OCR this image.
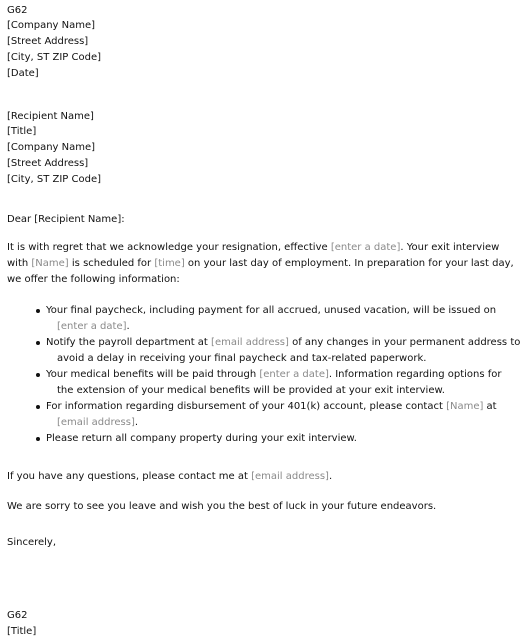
G62
[Company Name]
[Street Address]
[City, ST ZIP Code]
[Date]
[Recipient Name]
[Title]
[Company Name]
[Street Address]
[City, ST ZIP Code]
Dear [Recipient Name]:
It is with regret that we acknowledge your resignation, effective [enter a date]. Your exit interview
with [Name] is scheduled for [time] on your last day of employment. In preparation for your last day,
we offer the following information:
Your final paycheck, including payment for all accrued, unused vacation, will be issued on
[enter a date].
Notify the payroll department at [email address] of any changes in your permanent address to
avoid a delay in receiving your final paycheck and tax-related paperwork.
Your medical benefits will be paid through [enter a date]. Information regarding options for
the extension of your medical benefits will be provided at your exit interview.
For information regarding disbursement of your 401(k) account, please contact [Name] at
[email address].
Please return all company property during your exit interview.
If you have any questions, please contact me at [email address].
We are sorry to see you leave and wish you the best of luck in your future endeavors.
Sincerely,
G62
[Title]
